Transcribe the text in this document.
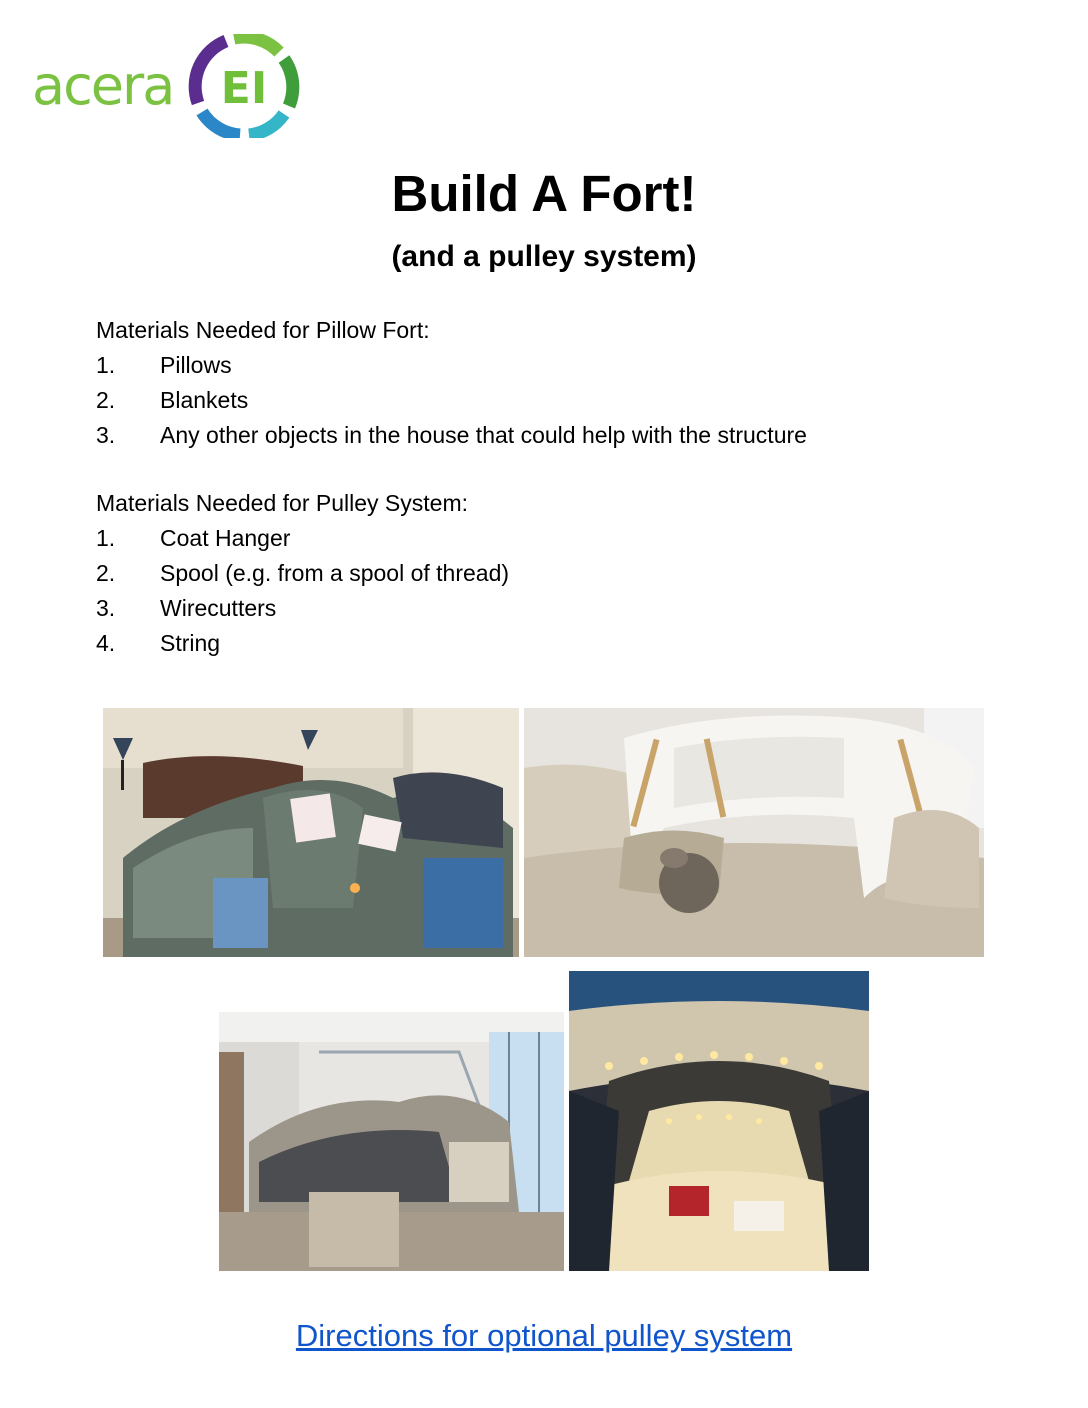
acera EI
Build A Fort!
(and a pulley system)
Materials Needed for Pillow Fort:
1.	Pillows
2.	Blankets
3.	Any other objects in the house that could help with the structure
Materials Needed for Pulley System:
1.	Coat Hanger
2.	Spool (e.g. from a spool of thread)
3.	Wirecutters
4.	String
Directions for optional pulley system
